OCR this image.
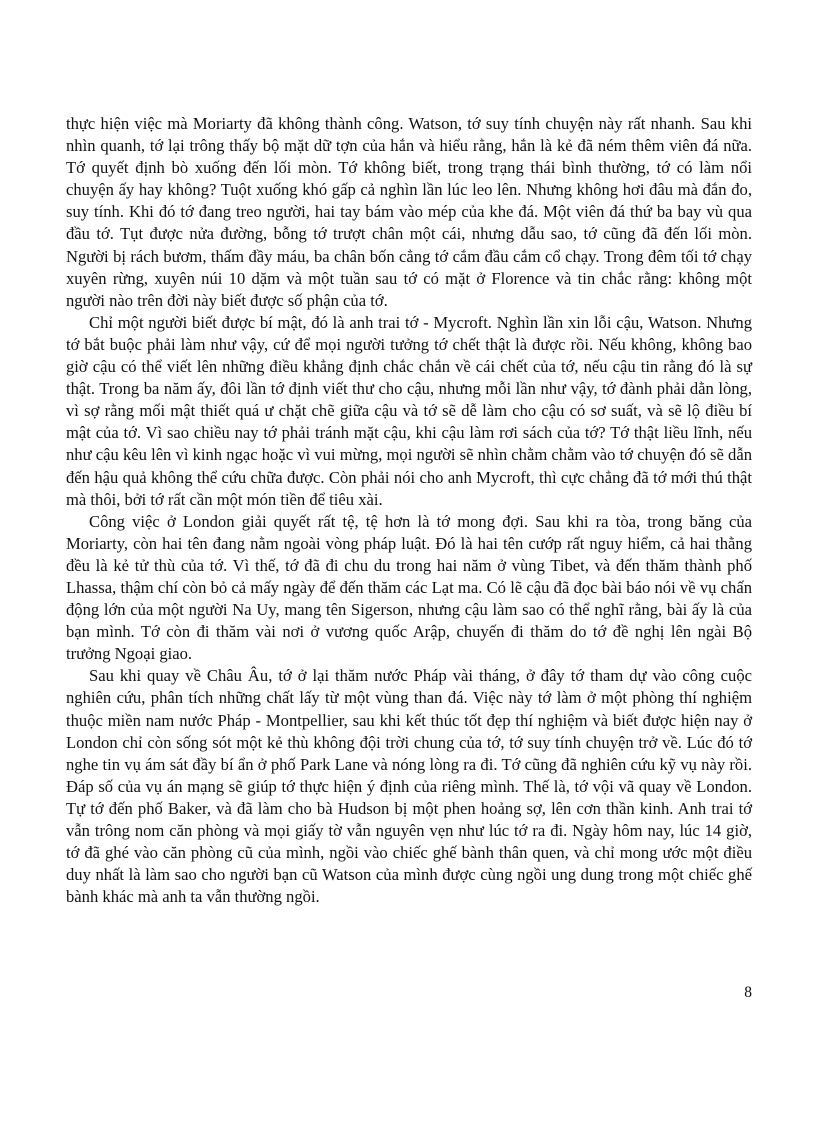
thực hiện việc mà Moriarty đã không thành công. Watson, tớ suy tính chuyện này rất nhanh. Sau khi nhìn quanh, tớ lại trông thấy bộ mặt dữ tợn của hắn và hiểu rằng, hắn là kẻ đã ném thêm viên đá nữa. Tớ quyết định bò xuống đến lối mòn. Tớ không biết, trong trạng thái bình thường, tớ có làm nổi chuyện ấy hay không? Tuột xuống khó gấp cả nghìn lần lúc leo lên. Nhưng không hơi đâu mà đắn đo, suy tính. Khi đó tớ đang treo người, hai tay bám vào mép của khe đá. Một viên đá thứ ba bay vù qua đầu tớ. Tụt được nửa đường, bỗng tớ trượt chân một cái, nhưng dẫu sao, tớ cũng đã đến lối mòn. Người bị rách bươm, thấm đầy máu, ba chân bốn cẳng tớ cắm đầu cắm cổ chạy. Trong đêm tối tớ chạy xuyên rừng, xuyên núi 10 dặm và một tuần sau tớ có mặt ở Florence và tin chắc rằng: không một người nào trên đời này biết được số phận của tớ.

Chỉ một người biết được bí mật, đó là anh trai tớ - Mycroft. Nghìn lần xin lỗi cậu, Watson. Nhưng tớ bắt buộc phải làm như vậy, cứ để mọi người tưởng tớ chết thật là được rồi. Nếu không, không bao giờ cậu có thể viết lên những điều khẳng định chắc chắn về cái chết của tớ, nếu cậu tin rằng đó là sự thật. Trong ba năm ấy, đôi lần tớ định viết thư cho cậu, nhưng mỗi lần như vậy, tớ đành phải dằn lòng, vì sợ rằng mối mật thiết quá ư chặt chẽ giữa cậu và tớ sẽ dễ làm cho cậu có sơ suất, và sẽ lộ điều bí mật của tớ. Vì sao chiều nay tớ phải tránh mặt cậu, khi cậu làm rơi sách của tớ? Tớ thật liều lĩnh, nếu như cậu kêu lên vì kinh ngạc hoặc vì vui mừng, mọi người sẽ nhìn chằm chằm vào tớ chuyện đó sẽ dẫn đến hậu quả không thể cứu chữa được. Còn phải nói cho anh Mycroft, thì cực chẳng đã tớ mới thú thật mà thôi, bởi tớ rất cần một món tiền để tiêu xài.

Công việc ở London giải quyết rất tệ, tệ hơn là tớ mong đợi. Sau khi ra tòa, trong băng của Moriarty, còn hai tên đang nằm ngoài vòng pháp luật. Đó là hai tên cướp rất nguy hiểm, cả hai thằng đều là kẻ tử thù của tớ. Vì thế, tớ đã đi chu du trong hai năm ở vùng Tibet, và đến thăm thành phố Lhassa, thậm chí còn bỏ cả mấy ngày để đến thăm các Lạt ma. Có lẽ cậu đã đọc bài báo nói về vụ chấn động lớn của một người Na Uy, mang tên Sigerson, nhưng cậu làm sao có thể nghĩ rằng, bài ấy là của bạn mình. Tớ còn đi thăm vài nơi ở vương quốc Arập, chuyến đi thăm do tớ đề nghị lên ngài Bộ trưởng Ngoại giao.

Sau khi quay về Châu Âu, tớ ở lại thăm nước Pháp vài tháng, ở đây tớ tham dự vào công cuộc nghiên cứu, phân tích những chất lấy từ một vùng than đá. Việc này tớ làm ở một phòng thí nghiệm thuộc miền nam nước Pháp - Montpellier, sau khi kết thúc tốt đẹp thí nghiệm và biết được hiện nay ở London chỉ còn sống sót một kẻ thù không đội trời chung của tớ, tớ suy tính chuyện trở về. Lúc đó tớ nghe tin vụ ám sát đầy bí ẩn ở phố Park Lane và nóng lòng ra đi. Tớ cũng đã nghiên cứu kỹ vụ này rồi. Đáp số của vụ án mạng sẽ giúp tớ thực hiện ý định của riêng mình. Thế là, tớ vội vã quay về London. Tự tớ đến phố Baker, và đã làm cho bà Hudson bị một phen hoảng sợ, lên cơn thần kinh. Anh trai tớ vẫn trông nom căn phòng và mọi giấy tờ vẫn nguyên vẹn như lúc tớ ra đi. Ngày hôm nay, lúc 14 giờ, tớ đã ghé vào căn phòng cũ của mình, ngồi vào chiếc ghế bành thân quen, và chỉ mong ước một điều duy nhất là làm sao cho người bạn cũ Watson của mình được cùng ngồi ung dung trong một chiếc ghế bành khác mà anh ta vẫn thường ngồi.

8
